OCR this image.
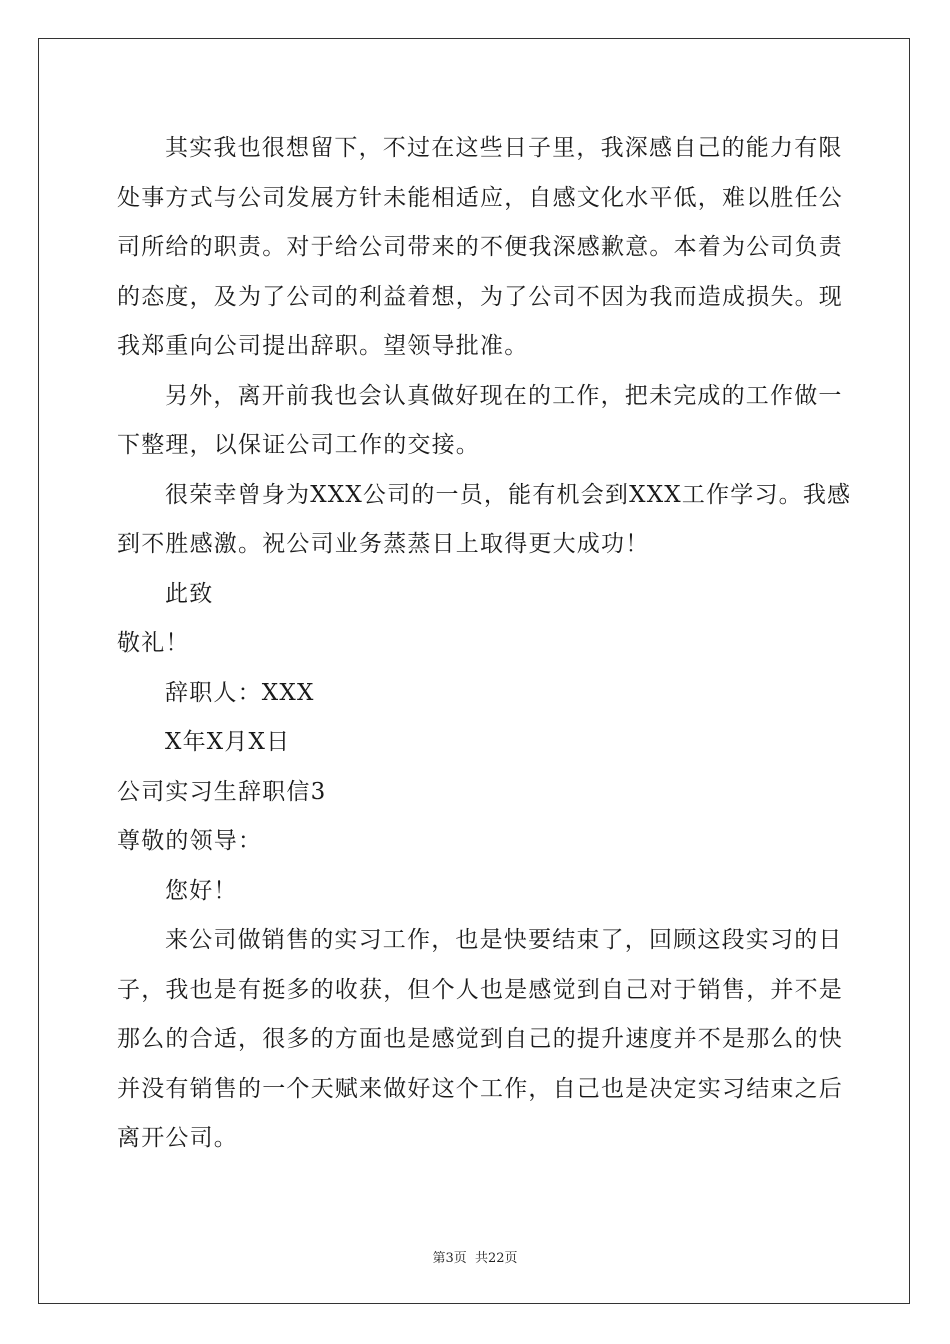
其实我也很想留下，不过在这些日子里，我深感自己的能力有限
处事方式与公司发展方针未能相适应，自感文化水平低，难以胜任公
司所给的职责。对于给公司带来的不便我深感歉意。本着为公司负责
的态度，及为了公司的利益着想，为了公司不因为我而造成损失。现
我郑重向公司提出辞职。望领导批准。
另外，离开前我也会认真做好现在的工作，把未完成的工作做一
下整理，以保证公司工作的交接。
很荣幸曾身为XXX公司的一员，能有机会到XXX工作学习。我感
到不胜感激。祝公司业务蒸蒸日上取得更大成功！
此致
敬礼！
辞职人：XXX
X年X月X日
公司实习生辞职信3
尊敬的领导：
您好！
来公司做销售的实习工作，也是快要结束了，回顾这段实习的日
子，我也是有挺多的收获，但个人也是感觉到自己对于销售，并不是
那么的合适，很多的方面也是感觉到自己的提升速度并不是那么的快
并没有销售的一个天赋来做好这个工作，自己也是决定实习结束之后
离开公司。
第3页 共22页
